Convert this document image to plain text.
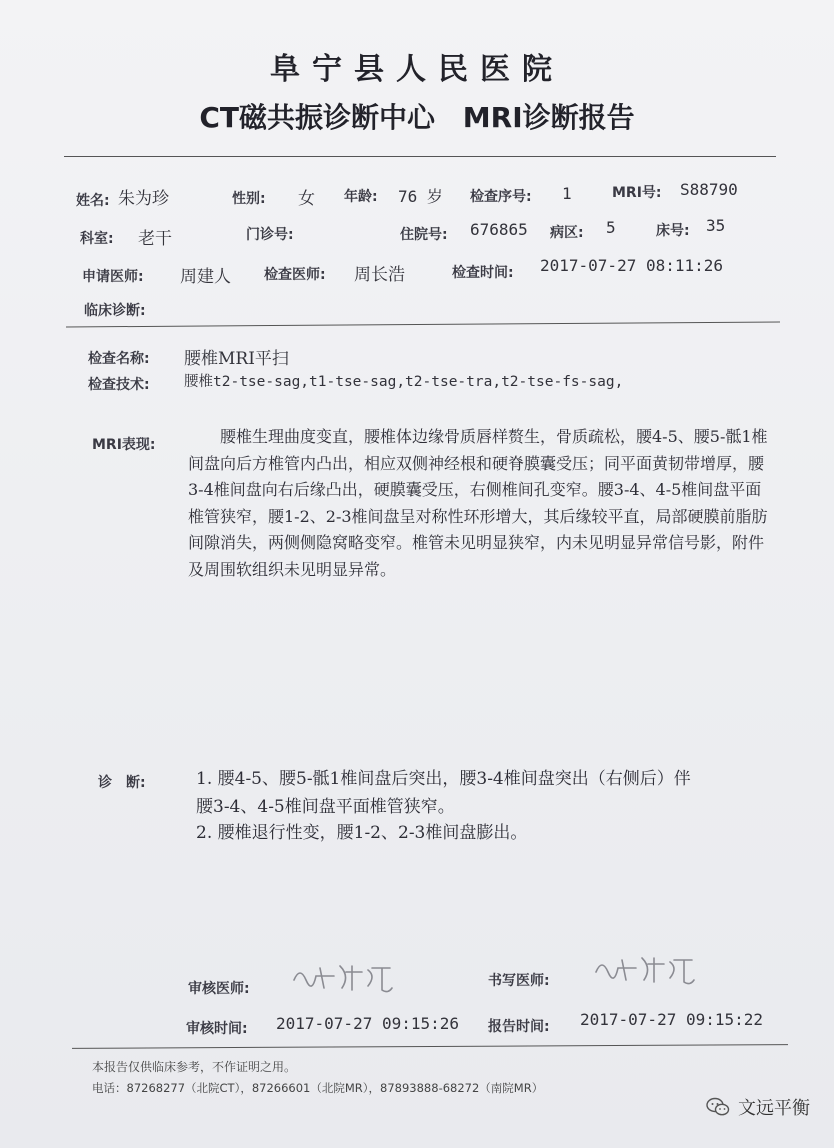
阜宁县人民医院
CT磁共振诊断中心 MRI诊断报告
姓名: 朱为珍	性别: 女 年龄: 76 岁 检查序号: 1	MRI号: S88790
科室: 老干	门诊号:	住院号: 676865 病区: 5	床号: 35
申请医师: 周建人 检查医师: 周长浩	检查时间: 2017-07-27 08:11:26
临床诊断:
检查名称: 腰椎MRI平扫
检查技术: 腰椎t2-tse-sag,t1-tse-sag,t2-tse-tra,t2-tse-fs-sag,
MRI表现:	腰椎生理曲度变直，腰椎体边缘骨质唇样赘生，骨质疏松，腰4-5、腰5-骶1椎间盘向后方椎管内凸出，相应双侧神经根和硬脊膜囊受压；同平面黄韧带增厚，腰3-4椎间盘向右后缘凸出，硬膜囊受压，右侧椎间孔变窄。腰3-4、4-5椎间盘平面椎管狭窄，腰1-2、2-3椎间盘呈对称性环形增大，其后缘较平直，局部硬膜前脂肪间隙消失，两侧侧隐窝略变窄。椎管未见明显狭窄，内未见明显异常信号影，附件及周围软组织未见明显异常。
诊　断:	1. 腰4-5、腰5-骶1椎间盘后突出，腰3-4椎间盘突出（右侧后）伴
腰3-4、4-5椎间盘平面椎管狭窄。
2. 腰椎退行性变，腰1-2、2-3椎间盘膨出。
审核医师:	书写医师:
审核时间: 2017-07-27 09:15:26 报告时间: 2017-07-27 09:15:22
本报告仅供临床参考，不作证明之用。
电话：87268277（北院CT），87266601（北院MR），87893888-68272（南院MR）
文远平衡
